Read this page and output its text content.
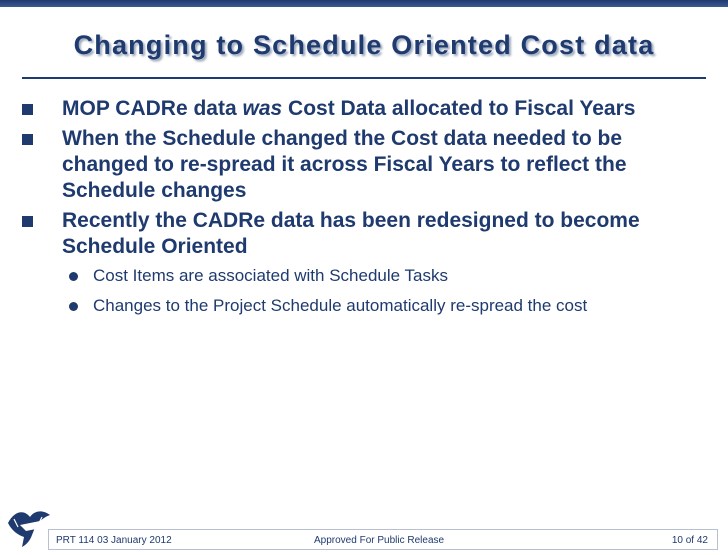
Changing to Schedule Oriented Cost data
MOP CADRe data was Cost Data allocated to Fiscal Years
When the Schedule changed the Cost data needed to be changed to re-spread it across Fiscal Years to reflect the Schedule changes
Recently the CADRe data has been redesigned to become Schedule Oriented
Cost Items are associated with Schedule Tasks
Changes to the Project Schedule automatically re-spread the cost
PRT 114 03 January 2012	Approved For Public Release	10 of 42
